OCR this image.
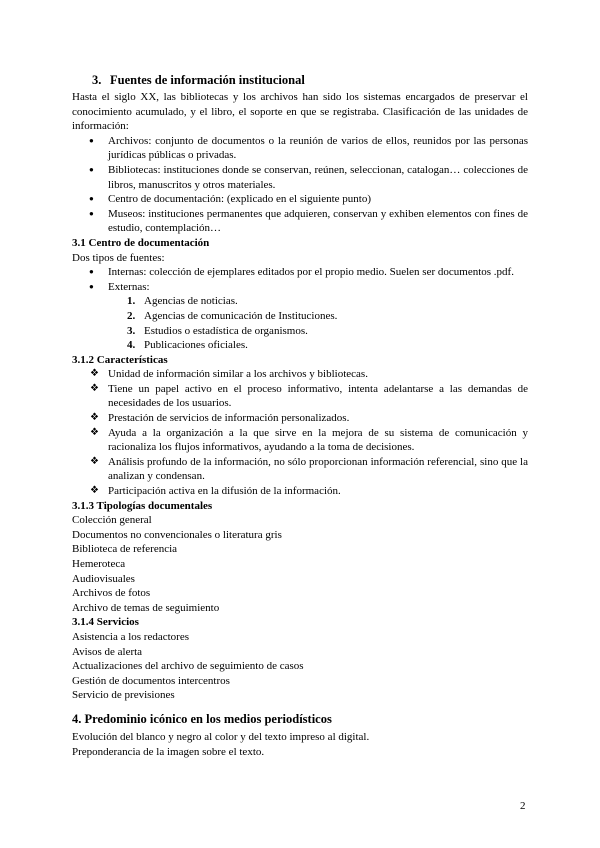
3. Fuentes de información institucional

Hasta el siglo XX, las bibliotecas y los archivos han sido los sistemas encargados de preservar el conocimiento acumulado, y el libro, el soporte en que se registraba. Clasificación de las unidades de información:

● Archivos: conjunto de documentos o la reunión de varios de ellos, reunidos por las personas jurídicas públicas o privadas.
● Bibliotecas: instituciones donde se conservan, reúnen, seleccionan, catalogan… colecciones de libros, manuscritos y otros materiales.
● Centro de documentación: (explicado en el siguiente punto)
● Museos: instituciones permanentes que adquieren, conservan y exhiben elementos con fines de estudio, contemplación…
3.1 Centro de documentación

Dos tipos de fuentes:

● Internas: colección de ejemplares editados por el propio medio. Suelen ser documentos .pdf.
● Externas:
1. Agencias de noticias.
2. Agencias de comunicación de Instituciones.
3. Estudios o estadística de organismos.
4. Publicaciones oficiales.
3.1.2 Características
❖ Unidad de información similar a los archivos y bibliotecas.
❖ Tiene un papel activo en el proceso informativo, intenta adelantarse a las demandas de necesidades de los usuarios.
❖ Prestación de servicios de información personalizados.
❖ Ayuda a la organización a la que sirve en la mejora de su sistema de comunicación y racionaliza los flujos informativos, ayudando a la toma de decisiones.
❖ Análisis profundo de la información, no sólo proporcionan información referencial, sino que la analizan y condensan.
❖ Participación activa en la difusión de la información.
3.1.3 Tipologías documentales
Colección general
Documentos no convencionales o literatura gris
Biblioteca de referencia
Hemeroteca
Audiovisuales
Archivos de fotos
Archivo de temas de seguimiento
3.1.4 Servicios
Asistencia a los redactores
Avisos de alerta
Actualizaciones del archivo de seguimiento de casos
Gestión de documentos intercentros
Servicio de previsiones
4. Predominio icónico en los medios periodísticos
Evolución del blanco y negro al color y del texto impreso al digital.
Preponderancia de la imagen sobre el texto.
2
